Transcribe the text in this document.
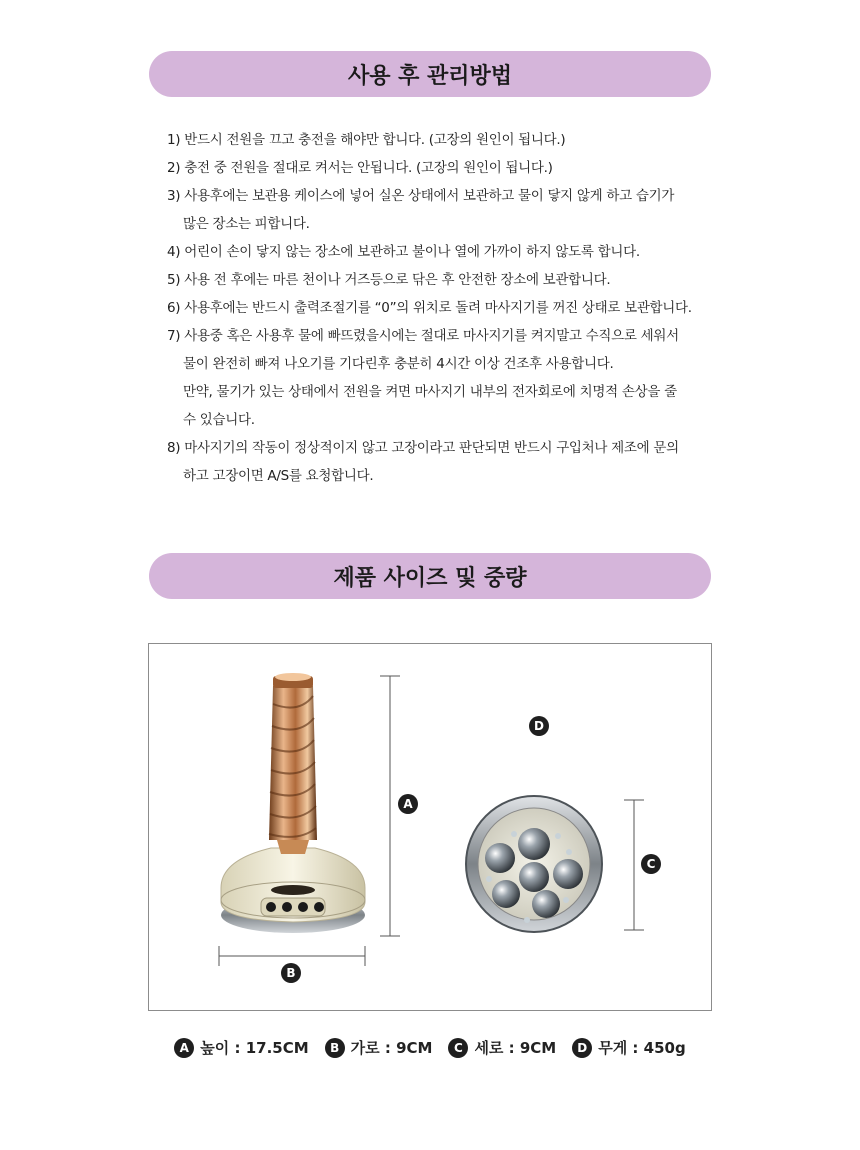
사용 후 관리방법
1) 반드시 전원을 끄고 충전을 해야만 합니다. (고장의 원인이 됩니다.)
2) 충전 중 전원을 절대로 켜서는 안됩니다. (고장의 원인이 됩니다.)
3) 사용후에는 보관용 케이스에 넣어 실온 상태에서 보관하고 물이 닿지 않게 하고 습기가
많은 장소는 피합니다.
4) 어린이 손이 닿지 않는 장소에 보관하고 불이나 열에 가까이 하지 않도록 합니다.
5) 사용 전 후에는 마른 천이나 거즈등으로 닦은 후 안전한 장소에 보관합니다.
6) 사용후에는 반드시 출력조절기를 “0”의 위치로 돌려 마사지기를 꺼진 상태로 보관합니다.
7) 사용중 혹은 사용후 물에 빠뜨렸을시에는 절대로 마사지기를 켜지말고 수직으로 세워서
물이 완전히 빠져 나오기를 기다린후 충분히 4시간 이상 건조후 사용합니다.
만약, 물기가 있는 상태에서 전원을 켜면 마사지기 내부의 전자회로에 치명적 손상을 줄
수 있습니다.
8) 마사지기의 작동이 정상적이지 않고 고장이라고 판단되면 반드시 구입처나 제조에 문의
하고 고장이면 A/S를 요청합니다.
제품 사이즈 및 중량
A
B
C
D
A 높이 : 17.5CM	B 가로 : 9CM	C 세로 : 9CM	D 무게 : 450g
